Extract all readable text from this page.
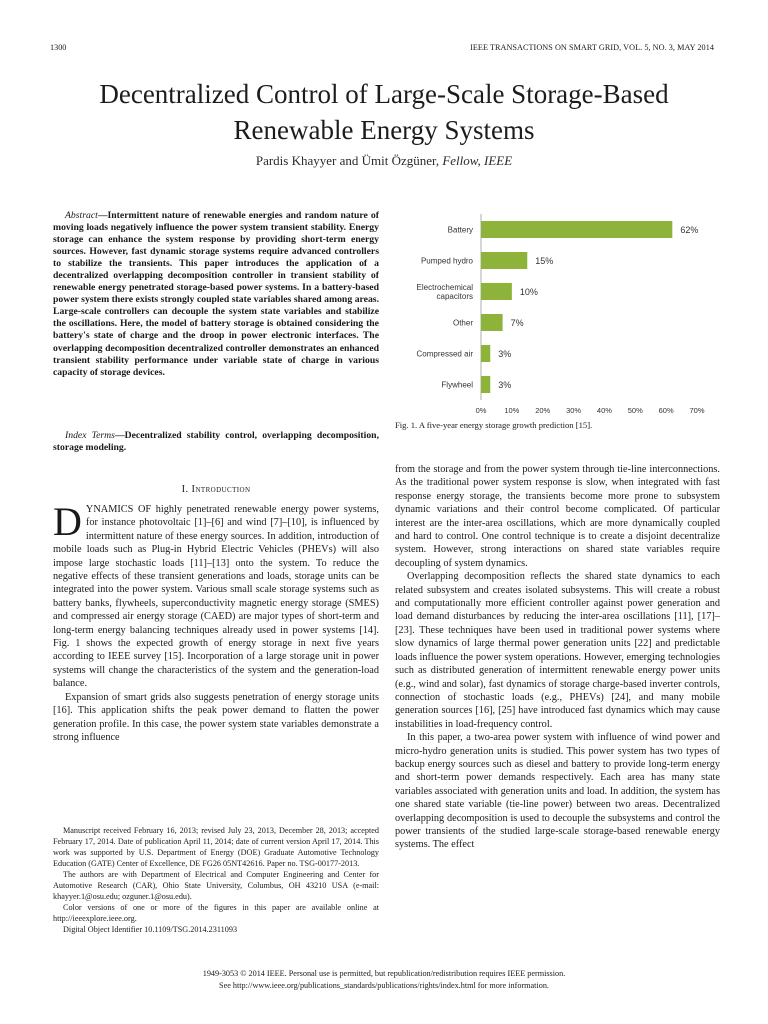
1300	IEEE TRANSACTIONS ON SMART GRID, VOL. 5, NO. 3, MAY 2014
Decentralized Control of Large-Scale Storage-Based Renewable Energy Systems
Pardis Khayyer and Ümit Özgüner, Fellow, IEEE

Abstract—Intermittent nature of renewable energies and random nature of moving loads negatively influence the power system transient stability. Energy storage can enhance the system response by providing short-term energy sources. However, fast dynamic storage systems require advanced controllers to stabilize the transients. This paper introduces the application of a decentralized overlapping decomposition controller in transient stability of renewable energy penetrated storage-based power systems. In a battery-based power system there exists strongly coupled state variables shared among areas. Large-scale controllers can decouple the system state variables and stabilize the oscillations. Here, the model of battery storage is obtained considering the battery's state of charge and the droop in power electronic interfaces. The overlapping decomposition decentralized controller demonstrates an enhanced transient stability performance under variable state of charge in various capacity of storage devices.

Index Terms—Decentralized stability control, overlapping decomposition, storage modeling.

I. Introduction

DYNAMICS OF highly penetrated renewable energy power systems, for instance photovoltaic [1]–[6] and wind [7]–[10], is influenced by intermittent nature of these energy sources. In addition, introduction of mobile loads such as Plug-in Hybrid Electric Vehicles (PHEVs) will also impose large stochastic loads [11]–[13] onto the system. To reduce the negative effects of these transient generations and loads, storage units can be integrated into the power system. Various small scale storage systems such as battery banks, flywheels, superconductivity magnetic energy storage (SMES) and compressed air energy storage (CAED) are major types of short-term and long-term energy balancing techniques already used in power systems [14]. Fig. 1 shows the expected growth of energy storage in next five years according to IEEE survey [15]. Incorporation of a large storage unit in power systems will change the characteristics of the system and the generation-load balance.

Expansion of smart grids also suggests penetration of energy storage units [16]. This application shifts the peak power demand to flatten the power generation profile. In this case, the power system state variables demonstrate a strong influence

Manuscript received February 16, 2013; revised July 23, 2013, December 28, 2013; accepted February 17, 2014. Date of publication April 11, 2014; date of current version April 17, 2014. This work was supported by U.S. Department of Energy (DOE) Graduate Automotive Technology Education (GATE) Center of Excellence, DE FG26 05NT42616. Paper no. TSG-00177-2013.

The authors are with Department of Electrical and Computer Engineering and Center for Automotive Research (CAR), Ohio State University, Columbus, OH 43210 USA (e-mail: khayyer.1@osu.edu; ozguner.1@osu.edu).

Color versions of one or more of the figures in this paper are available online at http://ieeexplore.ieee.org.

Digital Object Identifier 10.1109/TSG.2014.2311093

Battery	62%
Pumped hydro	15%
Electrochemical capacitors	10%
Other	7%
Compressed air	3%
Flywheel	3%
0% 10% 20% 30% 40% 50% 60% 70%
Fig. 1. A five-year energy storage growth prediction [15].

from the storage and from the power system through tie-line interconnections. As the traditional power system response is slow, when integrated with fast response energy storage, the transients become more prone to subsystem dynamic variations and their control become complicated. Of particular interest are the inter-area oscillations, which are more dynamically coupled and hard to control. One control technique is to create a disjoint decentralize system. However, strong interactions on shared state variables require decoupling of system dynamics.

Overlapping decomposition reflects the shared state dynamics to each related subsystem and creates isolated subsystems. This will create a robust and computationally more efficient controller against power generation and load demand disturbances by reducing the inter-area oscillations [11], [17]–[23]. These techniques have been used in traditional power systems where slow dynamics of large thermal power generation units [22] and predictable loads influence the power system operations. However, emerging technologies such as distributed generation of intermittent renewable energy power units (e.g., wind and solar), fast dynamics of storage charge-based inverter controls, connection of stochastic loads (e.g., PHEVs) [24], and many mobile generation sources [16], [25] have introduced fast dynamics which may cause instabilities in load-frequency control.

In this paper, a two-area power system with influence of wind power and micro-hydro generation units is studied. This power system has two types of backup energy sources such as diesel and battery to provide long-term energy and short-term power demands respectively. Each area has many state variables associated with generation units and load. In addition, the system has one shared state variable (tie-line power) between two areas. Decentralized overlapping decomposition is used to decouple the subsystems and control the power transients of the studied large-scale storage-based renewable energy systems. The effect

1949-3053 © 2014 IEEE. Personal use is permitted, but republication/redistribution requires IEEE permission.
See http://www.ieee.org/publications_standards/publications/rights/index.html for more information.
